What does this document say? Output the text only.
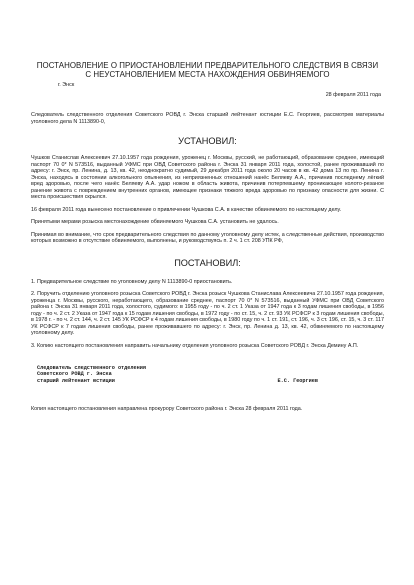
ПОСТАНОВЛЕНИЕ О ПРИОСТАНОВЛЕНИИ ПРЕДВАРИТЕЛЬНОГО СЛЕДСТВИЯ В СВЯЗИ
С НЕУСТАНОВЛЕНИЕМ МЕСТА НАХОЖДЕНИЯ ОБВИНЯЕМОГО

г. Энск

28 февраля 2011 года

Следователь следственного отделения Советского РОВД г. Энска старший лейтенант юстиции Е.С. Георгиев, рассмотрев материалы уголовного дела N 1113890-0,

УСТАНОВИЛ:

Чушков Станислав Алексеевич 27.10.1957 года рождения, уроженец г. Москвы, русский, не работающий, образование среднее, имеющий паспорт 70 0* N 573516, выданный УФМС при ОВД Советского района г. Энска 31 января 2011 года, холостой, ранее проживавший по адресу: г. Энск, пр. Ленина, д. 13, кв. 42, неоднократно судимый, 29 декабря 2011 года около 20 часов в кв. 42 дома 13 по пр. Ленина г. Энска, находясь в состоянии алкогольного опьянения, из неприязненных отношений нанёс Беляеву А.А., причинив последнему лёгкий вред здоровью, после чего нанёс Беляеву А.А. удар ножом в область живота, причинив потерпевшему проникающее колото-резаное ранение живота с повреждением внутренних органов, имеющее признаки тяжкого вреда здоровью по признаку опасности для жизни. С места происшествия скрылся.

16 февраля 2011 года вынесено постановление о привлечении Чушкова С.А. в качестве обвиняемого по настоящему делу.

Принятыми мерами розыска местонахождение обвиняемого Чушкова С.А. установить не удалось.

Принимая во внимание, что срок предварительного следствия по данному уголовному делу истек, а следственные действия, производство которых возможно в отсутствие обвиняемого, выполнены, и руководствуясь п. 2 ч. 1 ст. 208 УПК РФ,

ПОСТАНОВИЛ:

1. Предварительное следствие по уголовному делу N 1113890-0 приостановить.

2. Поручить отделению уголовного розыска Советского РОВД г. Энска розыск Чушкова Станислава Алексеевича 27.10.1957 года рождения, уроженца г. Москвы, русского, неработающего, образование среднее, паспорт 70 0* N 573516, выданный УФМС при ОВД Советского района г. Энска 31 января 2011 года, холостого, судимого: в 1955 году - по ч. 2 ст. 1 Указа от 1947 года к 3 годам лишения свободы, в 1956 году - по ч. 2 ст. 2 Указа от 1947 года к 15 годам лишения свободы, в 1972 году - по ст. 15, ч. 2 ст. 93 УК РСФСР к 3 годам лишения свободы, в 1978 г. - по ч. 2 ст. 144, ч. 2 ст. 145 УК РСФСР к 4 годам лишения свободы, в 1980 году по ч. 1 ст. 191, ст. 196, ч. 3 ст. 196, ст. 15, ч. 3 ст. 117 УК РСФСР к 7 годам лишения свободы, ранее проживавшего по адресу: г. Энск, пр. Ленина д. 13, кв. 42, обвиняемого по настоящему уголовному делу.

3. Копию настоящего постановления направить начальнику отделения уголовного розыска Советского РОВД г. Энска Демину А.П.

Следователь следственного отделения
Советского РОВД г. Энска
старший лейтенант юстиции	Е.С. Георгиев

Копия настоящего постановления направлена прокурору Советского района г. Энска 28 февраля 2011 года.
